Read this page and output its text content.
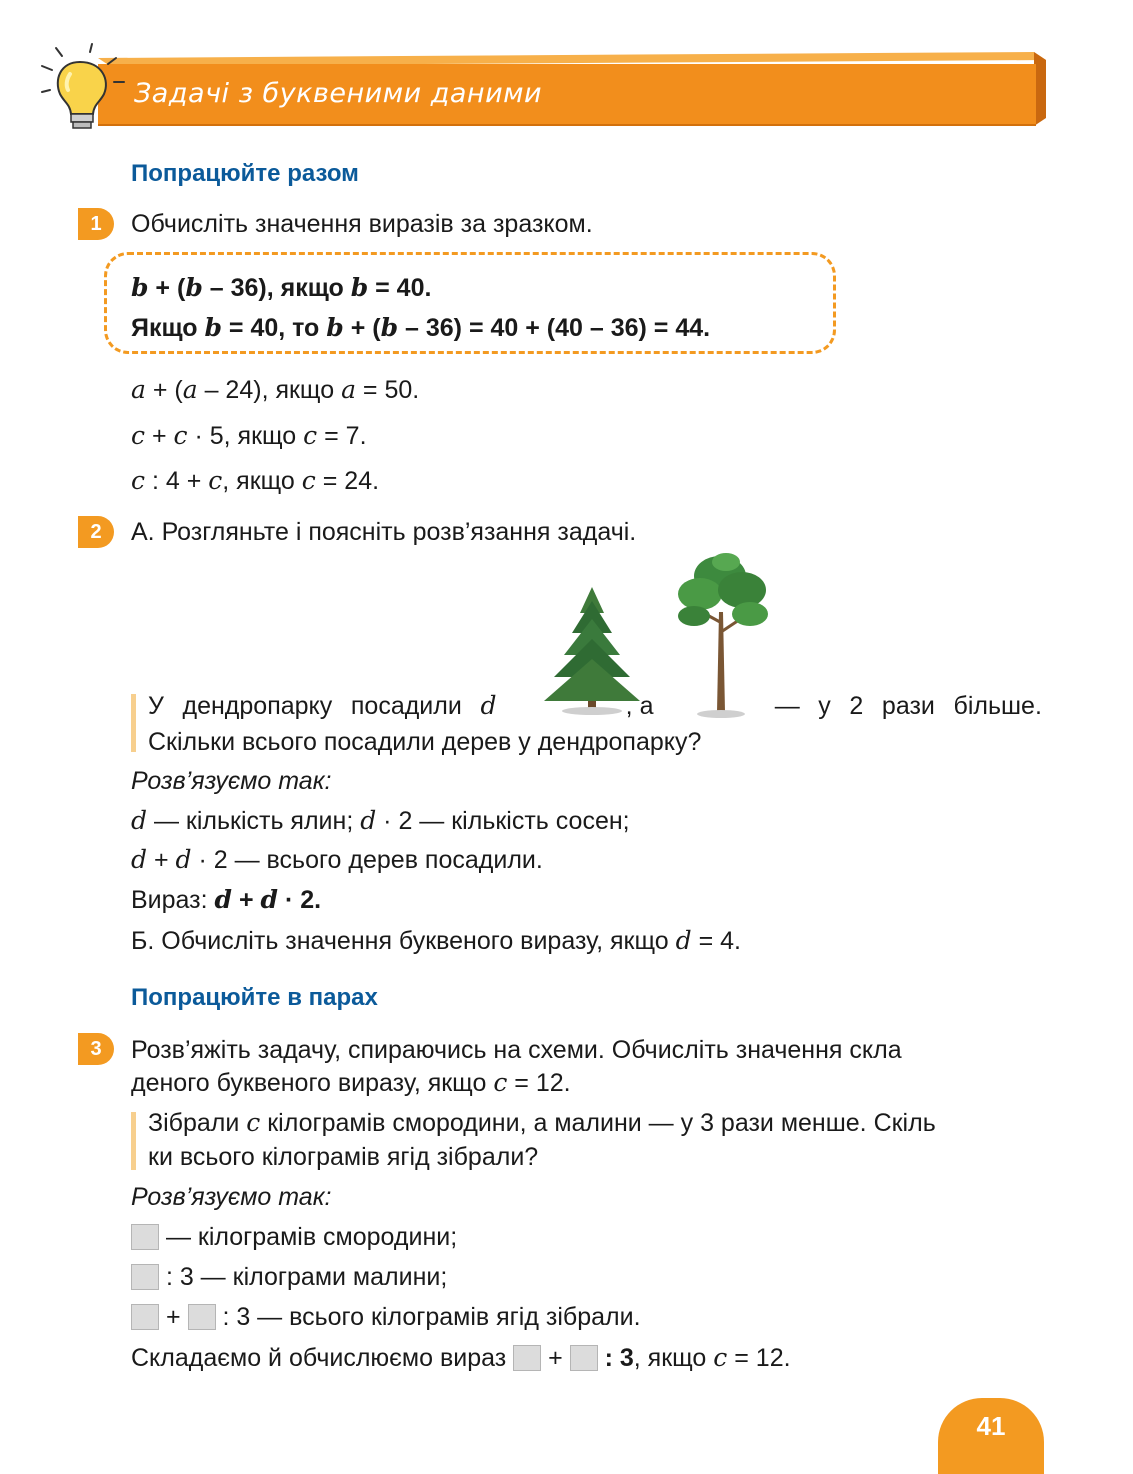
Задачі з буквеними даними
Попрацюйте разом
1	Обчисліть значення виразів за зразком.
b + (b – 36), якщо b = 40.
Якщо b = 40, то b + (b – 36) = 40 + (40 – 36) = 44.
a + (a – 24), якщо a = 50.
c + c · 5, якщо c = 7.
c : 4 + c, якщо c = 24.
2	А. Розгляньте і поясніть розв’язання задачі.
У дендропарку посадили d	, а	— у 2 рази більше.
Скільки всього посадили дерев у дендропарку?
Розв’язуємо так:
d — кількість ялин; d · 2 — кількість сосен;
d + d · 2 — всього дерев посадили.
Вираз: d + d · 2.
Б. Обчисліть значення буквеного виразу, якщо d = 4.
Попрацюйте в парах
3	Розв’яжіть задачу, спираючись на схеми. Обчисліть значення скла
деного буквеного виразу, якщо c = 12.
Зібрали c кілограмів смородини, а малини — у 3 рази менше. Скіль
ки всього кілограмів ягід зібрали?
Розв’язуємо так:
— кілограмів смородини;
: 3 — кілограми малини;
+  : 3 — всього кілограмів ягід зібрали.
Складаємо й обчислюємо вираз  +  : 3, якщо c = 12.
41
